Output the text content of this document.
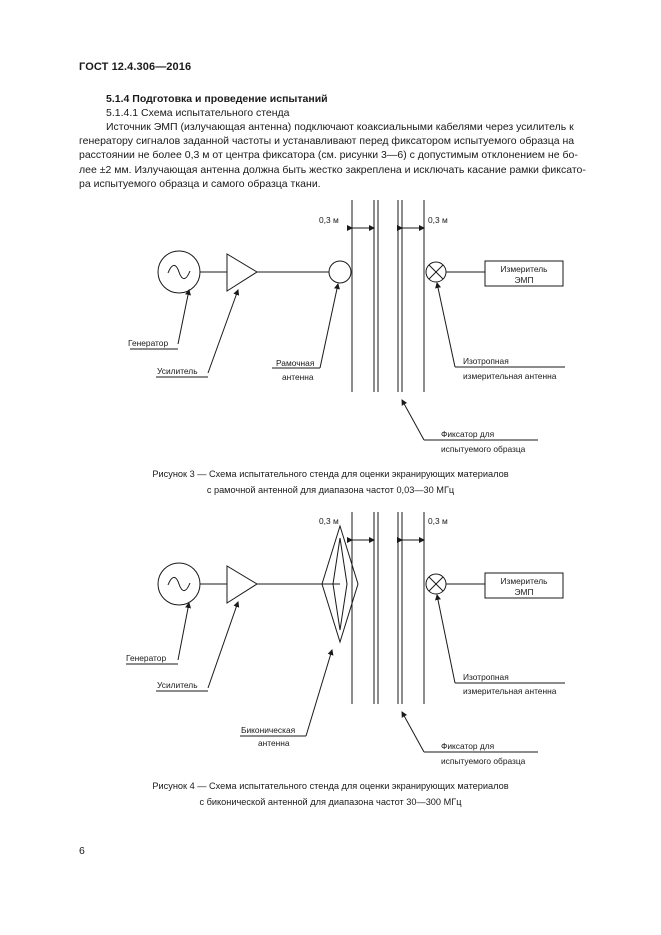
ГОСТ 12.4.306—2016
5.1.4 Подготовка и проведение испытаний
5.1.4.1 Схема испытательного стенда
Источник ЭМП (излучающая антенна) подключают коаксиальными кабелями через усилитель к
генератору сигналов заданной частоты и устанавливают перед фиксатором испытуемого образца на
расстоянии не более 0,3 м от центра фиксатора (см. рисунки 3—6) с допустимым отклонением не бо-
лее ±2 мм. Излучающая антенна должна быть жестко закреплена и исключать касание рамки фиксато-
ра испытуемого образца и самого образца ткани.
0,3 м	0,3 м
Измеритель
ЭМП
Генератор
Усилитель
Рамочная
антенна
Изотропная
измерительная антенна
Фиксатор для
испытуемого образца
0,3 м	0,3 м
Измеритель
ЭМП
Генератор
Усилитель
Биконическая
антенна
Изотропная
измерительная антенна
Фиксатор для
испытуемого образца
Рисунок 3 — Схема испытательного стенда для оценки экранирующих материалов
с рамочной антенной для диапазона частот 0,03—30 МГц
Рисунок 4 — Схема испытательного стенда для оценки экранирующих материалов
с биконической антенной для диапазона частот 30—300 МГц
6
